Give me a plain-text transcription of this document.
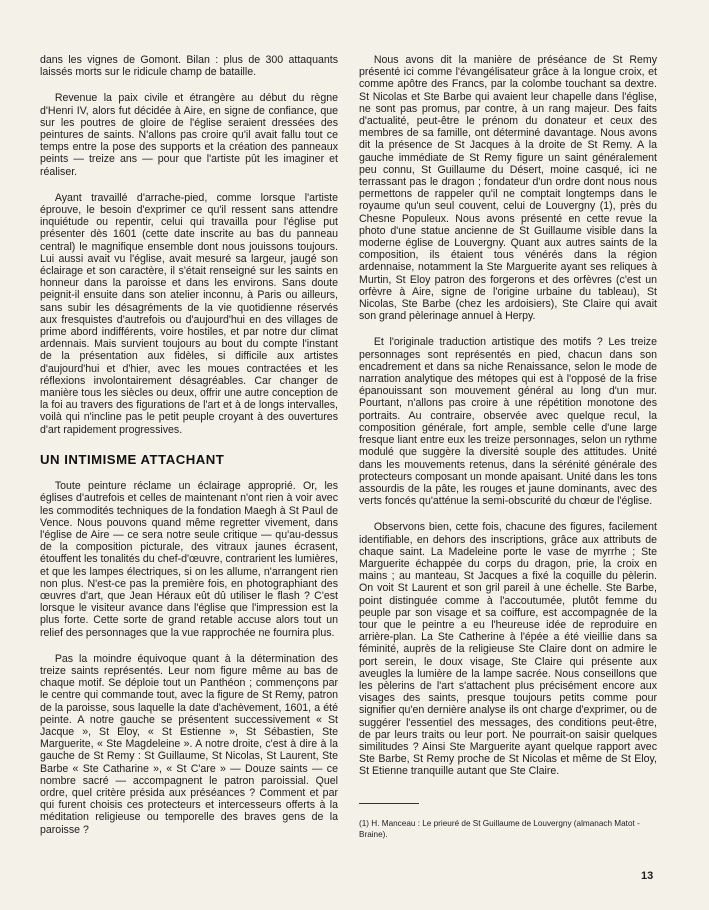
dans les vignes de Gomont. Bilan : plus de 300 attaquants laissés morts sur le ridicule champ de bataille.

Revenue la paix civile et étrangère au début du règne d'Henri IV, alors fut décidée à Aire, en signe de confiance, que sur les poutres de gloire de l'église seraient dressées des peintures de saints. N'allons pas croire qu'il avait fallu tout ce temps entre la pose des supports et la création des panneaux peints — treize ans — pour que l'artiste pût les imaginer et réaliser.

Ayant travaillé d'arrache-pied, comme lorsque l'artiste éprouve, le besoin d'exprimer ce qu'il ressent sans attendre inquiétude ou repentir, celui qui travailla pour l'église put présenter dès 1601 (cette date inscrite au bas du panneau central) le magnifique ensemble dont nous jouissons toujours. Lui aussi avait vu l'église, avait mesuré sa largeur, jaugé son éclairage et son caractère, il s'était renseigné sur les saints en honneur dans la paroisse et dans les environs. Sans doute peignit-il ensuite dans son atelier inconnu, à Paris ou ailleurs, sans subir les désagréments de la vie quotidienne réservés aux fresquistes d'autrefois ou d'aujourd'hui en des villages de prime abord indifférents, voire hostiles, et par notre dur climat ardennais. Mais survient toujours au bout du compte l'instant de la présentation aux fidèles, si difficile aux artistes d'aujourd'hui et d'hier, avec les moues contractées et les réflexions involontairement désagréables. Car changer de manière tous les siècles ou deux, offrir une autre conception de la foi au travers des figurations de l'art et à de longs intervalles, voilà qui n'incline pas le petit peuple croyant à des ouvertures d'art rapidement progressives.

UN INTIMISME ATTACHANT

Toute peinture réclame un éclairage approprié. Or, les églises d'autrefois et celles de maintenant n'ont rien à voir avec les commodités techniques de la fondation Maegh à St Paul de Vence. Nous pouvons quand même regretter vivement, dans l'église de Aire — ce sera notre seule critique — qu'au-dessus de la composition picturale, des vitraux jaunes écrasent, étouffent les tonalités du chef-d'œuvre, contrarient les lumières, et que les lampes électriques, si on les allume, n'arrangent rien non plus. N'est-ce pas la première fois, en photographiant des œuvres d'art, que Jean Héraux eût dû utiliser le flash ? C'est lorsque le visiteur avance dans l'église que l'impression est la plus forte. Cette sorte de grand retable accuse alors tout un relief des personnages que la vue rapprochée ne fournira plus.

Pas la moindre équivoque quant à la détermination des treize saints représentés. Leur nom figure même au bas de chaque motif. Se déploie tout un Panthéon ; commençons par le centre qui commande tout, avec la figure de St Remy, patron de la paroisse, sous laquelle la date d'achèvement, 1601, a été peinte. A notre gauche se présentent successivement « St Jacque », St Eloy, « St Estienne », St Sébastien, Ste Marguerite, « Ste Magdeleine ». A notre droite, c'est à dire à la gauche de St Remy : St Guillaume, St Nicolas, St Laurent, Ste Barbe « Ste Catharine », « St C'are » — Douze saints — ce nombre sacré — accompagnent le patron paroissial. Quel ordre, quel critère présida aux préséances ? Comment et par qui furent choisis ces protecteurs et intercesseurs offerts à la méditation religieuse ou temporelle des braves gens de la paroisse ?

Nous avons dit la manière de préséance de St Remy présenté ici comme l'évangélisateur grâce à la longue croix, et comme apôtre des Francs, par la colombe touchant sa dextre. St Nicolas et Ste Barbe qui avaient leur chapelle dans l'église, ne sont pas promus, par contre, à un rang majeur. Des faits d'actualité, peut-être le prénom du donateur et ceux des membres de sa famille, ont déterminé davantage. Nous avons dit la présence de St Jacques à la droite de St Remy. A la gauche immédiate de St Remy figure un saint généralement peu connu, St Guillaume du Désert, moine casqué, ici ne terrassant pas le dragon ; fondateur d'un ordre dont nous nous permettons de rappeler qu'il ne comptait longtemps dans le royaume qu'un seul couvent, celui de Louvergny (1), près du Chesne Populeux. Nous avons présenté en cette revue la photo d'une statue ancienne de St Guillaume visible dans la moderne église de Louvergny. Quant aux autres saints de la composition, ils étaient tous vénérés dans la région ardennaise, notamment la Ste Marguerite ayant ses reliques à Murtin, St Eloy patron des forgerons et des orfèvres (c'est un orfèvre à Aire, signe de l'origine urbaine du tableau), St Nicolas, Ste Barbe (chez les ardoisiers), Ste Claire qui avait son grand pèlerinage annuel à Herpy.

Et l'originale traduction artistique des motifs ? Les treize personnages sont représentés en pied, chacun dans son encadrement et dans sa niche Renaissance, selon le mode de narration analytique des métopes qui est à l'opposé de la frise épanouissant son mouvement général au long d'un mur. Pourtant, n'allons pas croire à une répétition monotone des portraits. Au contraire, observée avec quelque recul, la composition générale, fort ample, semble celle d'une large fresque liant entre eux les treize personnages, selon un rythme modulé que suggère la diversité souple des attitudes. Unité dans les mouvements retenus, dans la sérénité générale des protecteurs composant un monde apaisant. Unité dans les tons assourdis de la pâte, les rouges et jaune dominants, avec des verts foncés qu'atténue la semi-obscurité du chœur de l'église.

Observons bien, cette fois, chacune des figures, facilement identifiable, en dehors des inscriptions, grâce aux attributs de chaque saint. La Madeleine porte le vase de myrrhe ; Ste Marguerite échappée du corps du dragon, prie, la croix en mains ; au manteau, St Jacques a fixé la coquille du pèlerin. On voit St Laurent et son gril pareil à une échelle. Ste Barbe, point distinguée comme à l'accoutumée, plutôt femme du peuple par son visage et sa coiffure, est accompagnée de la tour que le peintre a eu l'heureuse idée de reproduire en arrière-plan. La Ste Catherine à l'épée a été vieillie dans sa féminité, auprès de la religieuse Ste Claire dont on admire le port serein, le doux visage, Ste Claire qui présente aux aveugles la lumière de la lampe sacrée. Nous conseillons que les pèlerins de l'art s'attachent plus précisément encore aux visages des saints, presque toujours petits comme pour signifier qu'en dernière analyse ils ont charge d'exprimer, ou de suggérer l'essentiel des messages, des conditions peut-être, de par leurs traits ou leur port. Ne pourrait-on saisir quelques similitudes ? Ainsi Ste Marguerite ayant quelque rapport avec Ste Barbe, St Remy proche de St Nicolas et même de St Eloy, St Etienne tranquille autant que Ste Claire.

(1) H. Manceau : Le prieuré de St Guillaume de Louvergny (almanach Matot - Braine).
13
